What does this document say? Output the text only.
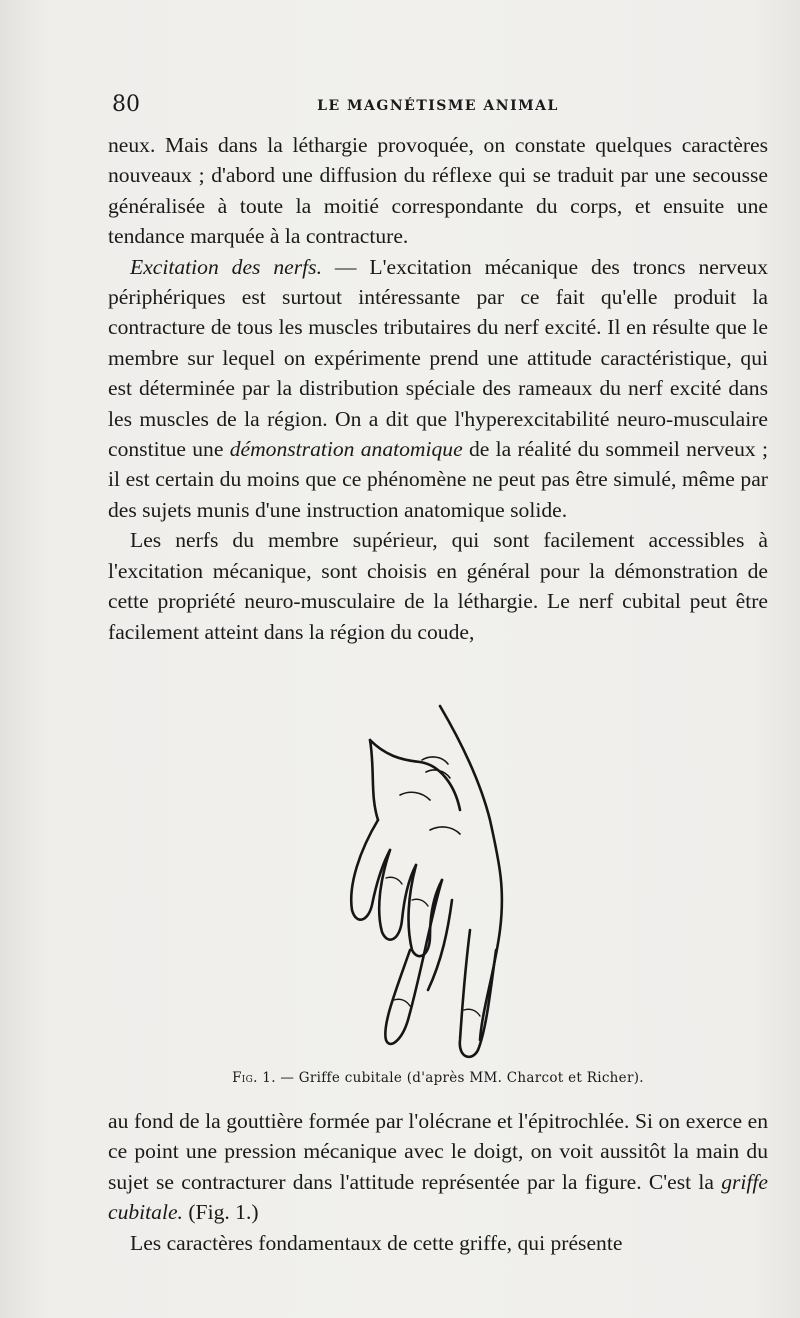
80	LE MAGNÉTISME ANIMAL

neux. Mais dans la léthargie provoquée, on constate quelques caractères nouveaux ; d'abord une diffusion du réflexe qui se traduit par une secousse généralisée à toute la moitié correspondante du corps, et ensuite une tendance marquée à la contracture.

Excitation des nerfs. — L'excitation mécanique des troncs nerveux périphériques est surtout intéressante par ce fait qu'elle produit la contracture de tous les muscles tributaires du nerf excité. Il en résulte que le membre sur lequel on expérimente prend une attitude caractéristique, qui est déterminée par la distribution spéciale des rameaux du nerf excité dans les muscles de la région. On a dit que l'hyperexcitabilité neuro-musculaire constitue une démonstration anatomique de la réalité du sommeil nerveux ; il est certain du moins que ce phénomène ne peut pas être simulé, même par des sujets munis d'une instruction anatomique solide.

Les nerfs du membre supérieur, qui sont facilement accessibles à l'excitation mécanique, sont choisis en général pour la démonstration de cette propriété neuro-musculaire de la léthargie. Le nerf cubital peut être facilement atteint dans la région du coude,

Fig. 1. — Griffe cubitale (d'après MM. Charcot et Richer).

au fond de la gouttière formée par l'olécrane et l'épitrochlée. Si on exerce en ce point une pression mécanique avec le doigt, on voit aussitôt la main du sujet se contracturer dans l'attitude représentée par la figure. C'est la griffe cubitale. (Fig. 1.)

Les caractères fondamentaux de cette griffe, qui présente
